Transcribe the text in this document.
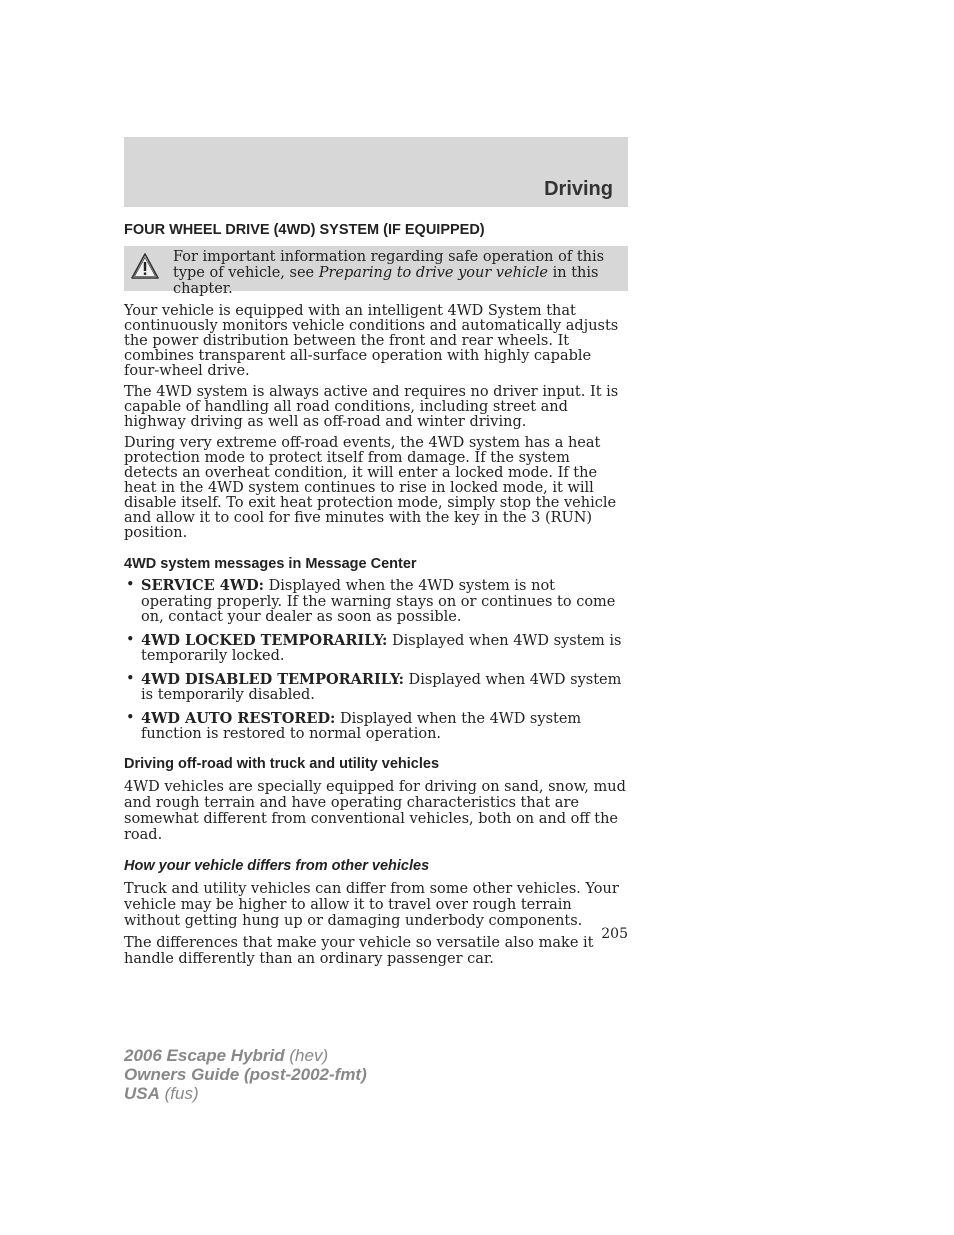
Driving
FOUR WHEEL DRIVE (4WD) SYSTEM (IF EQUIPPED)
For important information regarding safe operation of this type of vehicle, see Preparing to drive your vehicle in this chapter.

Your vehicle is equipped with an intelligent 4WD System that continuously monitors vehicle conditions and automatically adjusts the power distribution between the front and rear wheels. It combines transparent all-surface operation with highly capable four-wheel drive.

The 4WD system is always active and requires no driver input. It is capable of handling all road conditions, including street and highway driving as well as off-road and winter driving.

During very extreme off-road events, the 4WD system has a heat protection mode to protect itself from damage. If the system detects an overheat condition, it will enter a locked mode. If the heat in the 4WD system continues to rise in locked mode, it will disable itself. To exit heat protection mode, simply stop the vehicle and allow it to cool for five minutes with the key in the 3 (RUN) position.

4WD system messages in Message Center
• SERVICE 4WD: Displayed when the 4WD system is not operating properly. If the warning stays on or continues to come on, contact your dealer as soon as possible.
• 4WD LOCKED TEMPORARILY: Displayed when 4WD system is temporarily locked.
• 4WD DISABLED TEMPORARILY: Displayed when 4WD system is temporarily disabled.
• 4WD AUTO RESTORED: Displayed when the 4WD system function is restored to normal operation.
Driving off-road with truck and utility vehicles

4WD vehicles are specially equipped for driving on sand, snow, mud and rough terrain and have operating characteristics that are somewhat different from conventional vehicles, both on and off the road.

How your vehicle differs from other vehicles

Truck and utility vehicles can differ from some other vehicles. Your vehicle may be higher to allow it to travel over rough terrain without getting hung up or damaging underbody components.

The differences that make your vehicle so versatile also make it handle differently than an ordinary passenger car.

205
2006 Escape Hybrid (hev)
Owners Guide (post-2002-fmt)
USA (fus)
